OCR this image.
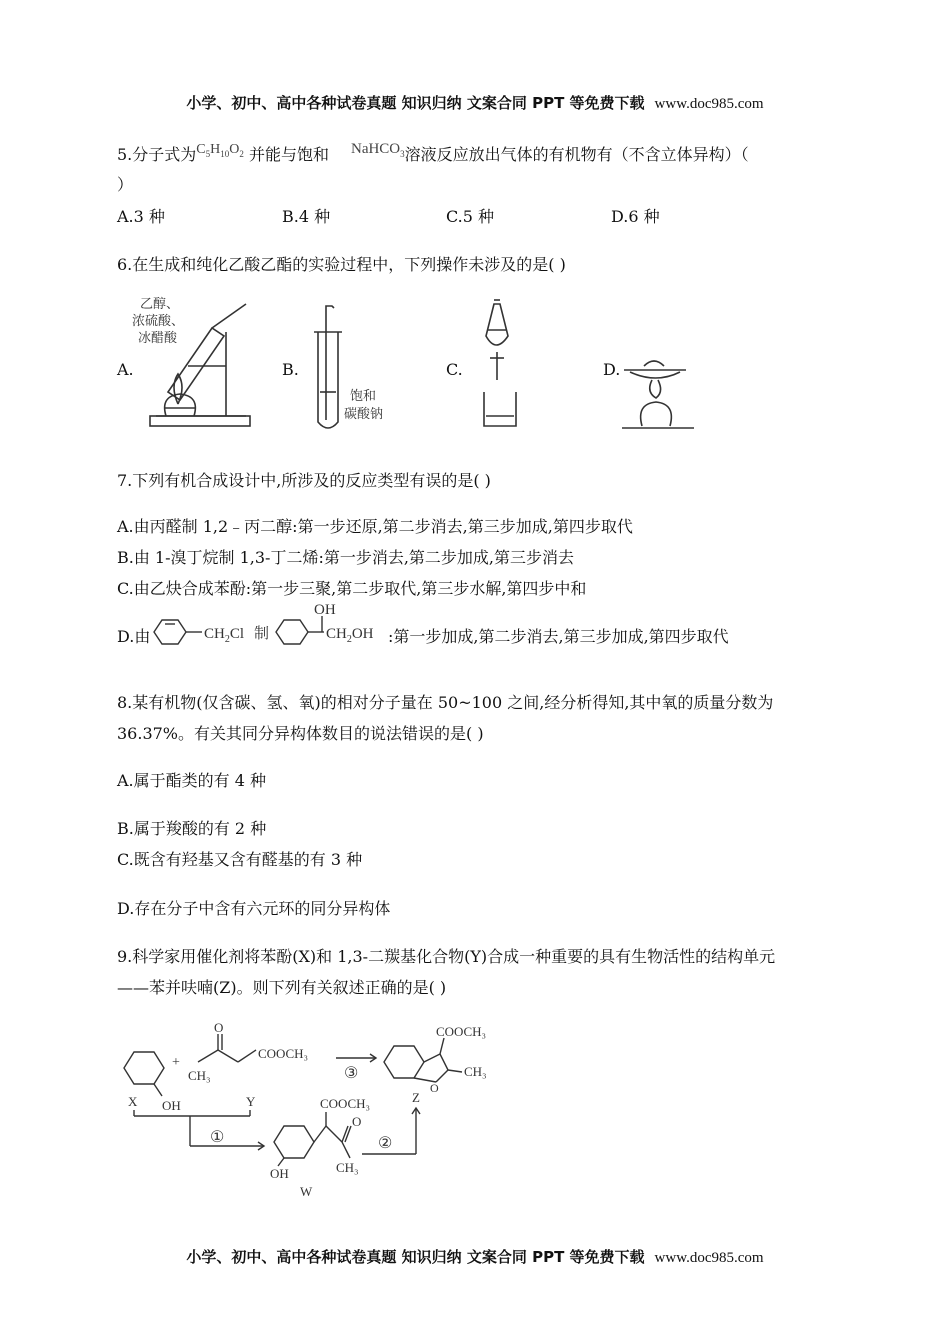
小学、初中、高中各种试卷真题 知识归纳 文案合同 PPT 等免费下载 www.doc985.com
5.分子式为$C_5H_{10}O_2$ 并能与饱和 NaHCO$_3$溶液反应放出气体的有机物有（不含立体异构）（
）
A.3 种	B.4 种	C.5 种	D.6 种
6.在生成和纯化乙酸乙酯的实验过程中，下列操作未涉及的是( )
A.	B.	C.	D.
乙醇、
浓硫酸、
冰醋酸
饱和
碳酸钠
7.下列有机合成设计中,所涉及的反应类型有误的是( )
A.由丙醛制 1,2﹣丙二醇:第一步还原,第二步消去,第三步加成,第四步取代
B.由 1-溴丁烷制 1,3-丁二烯:第一步消去,第二步加成,第三步消去
C.由乙炔合成苯酚:第一步三聚,第二步取代,第三步水解,第四步中和
D.由	$CH_2Cl$ 制
OH
$CH_2OH$ :第一步加成,第二步消去,第三步加成,第四步取代
8.某有机物(仅含碳、氢、氧)的相对分子量在 50~100 之间,经分析得知,其中氧的质量分数为
36.37%。有关其同分异构体数目的说法错误的是( )
A.属于酯类的有 4 种
B.属于羧酸的有 2 种
C.既含有羟基又含有醛基的有 3 种
D.存在分子中含有六元环的同分异构体
9.科学家用催化剂将苯酚(X)和 1,3-二羰基化合物(Y)合成一种重要的具有生物活性的结构单元
——苯并呋喃(Z)。则下列有关叙述正确的是( )
+
OH
CH₃
O
COOCH₃
③
COOCH₃
CH₃
O
X	Y	Z
①
COOCH₃
O
OH	CH₃
②
W
小学、初中、高中各种试卷真题 知识归纳 文案合同 PPT 等免费下载 www.doc985.com
